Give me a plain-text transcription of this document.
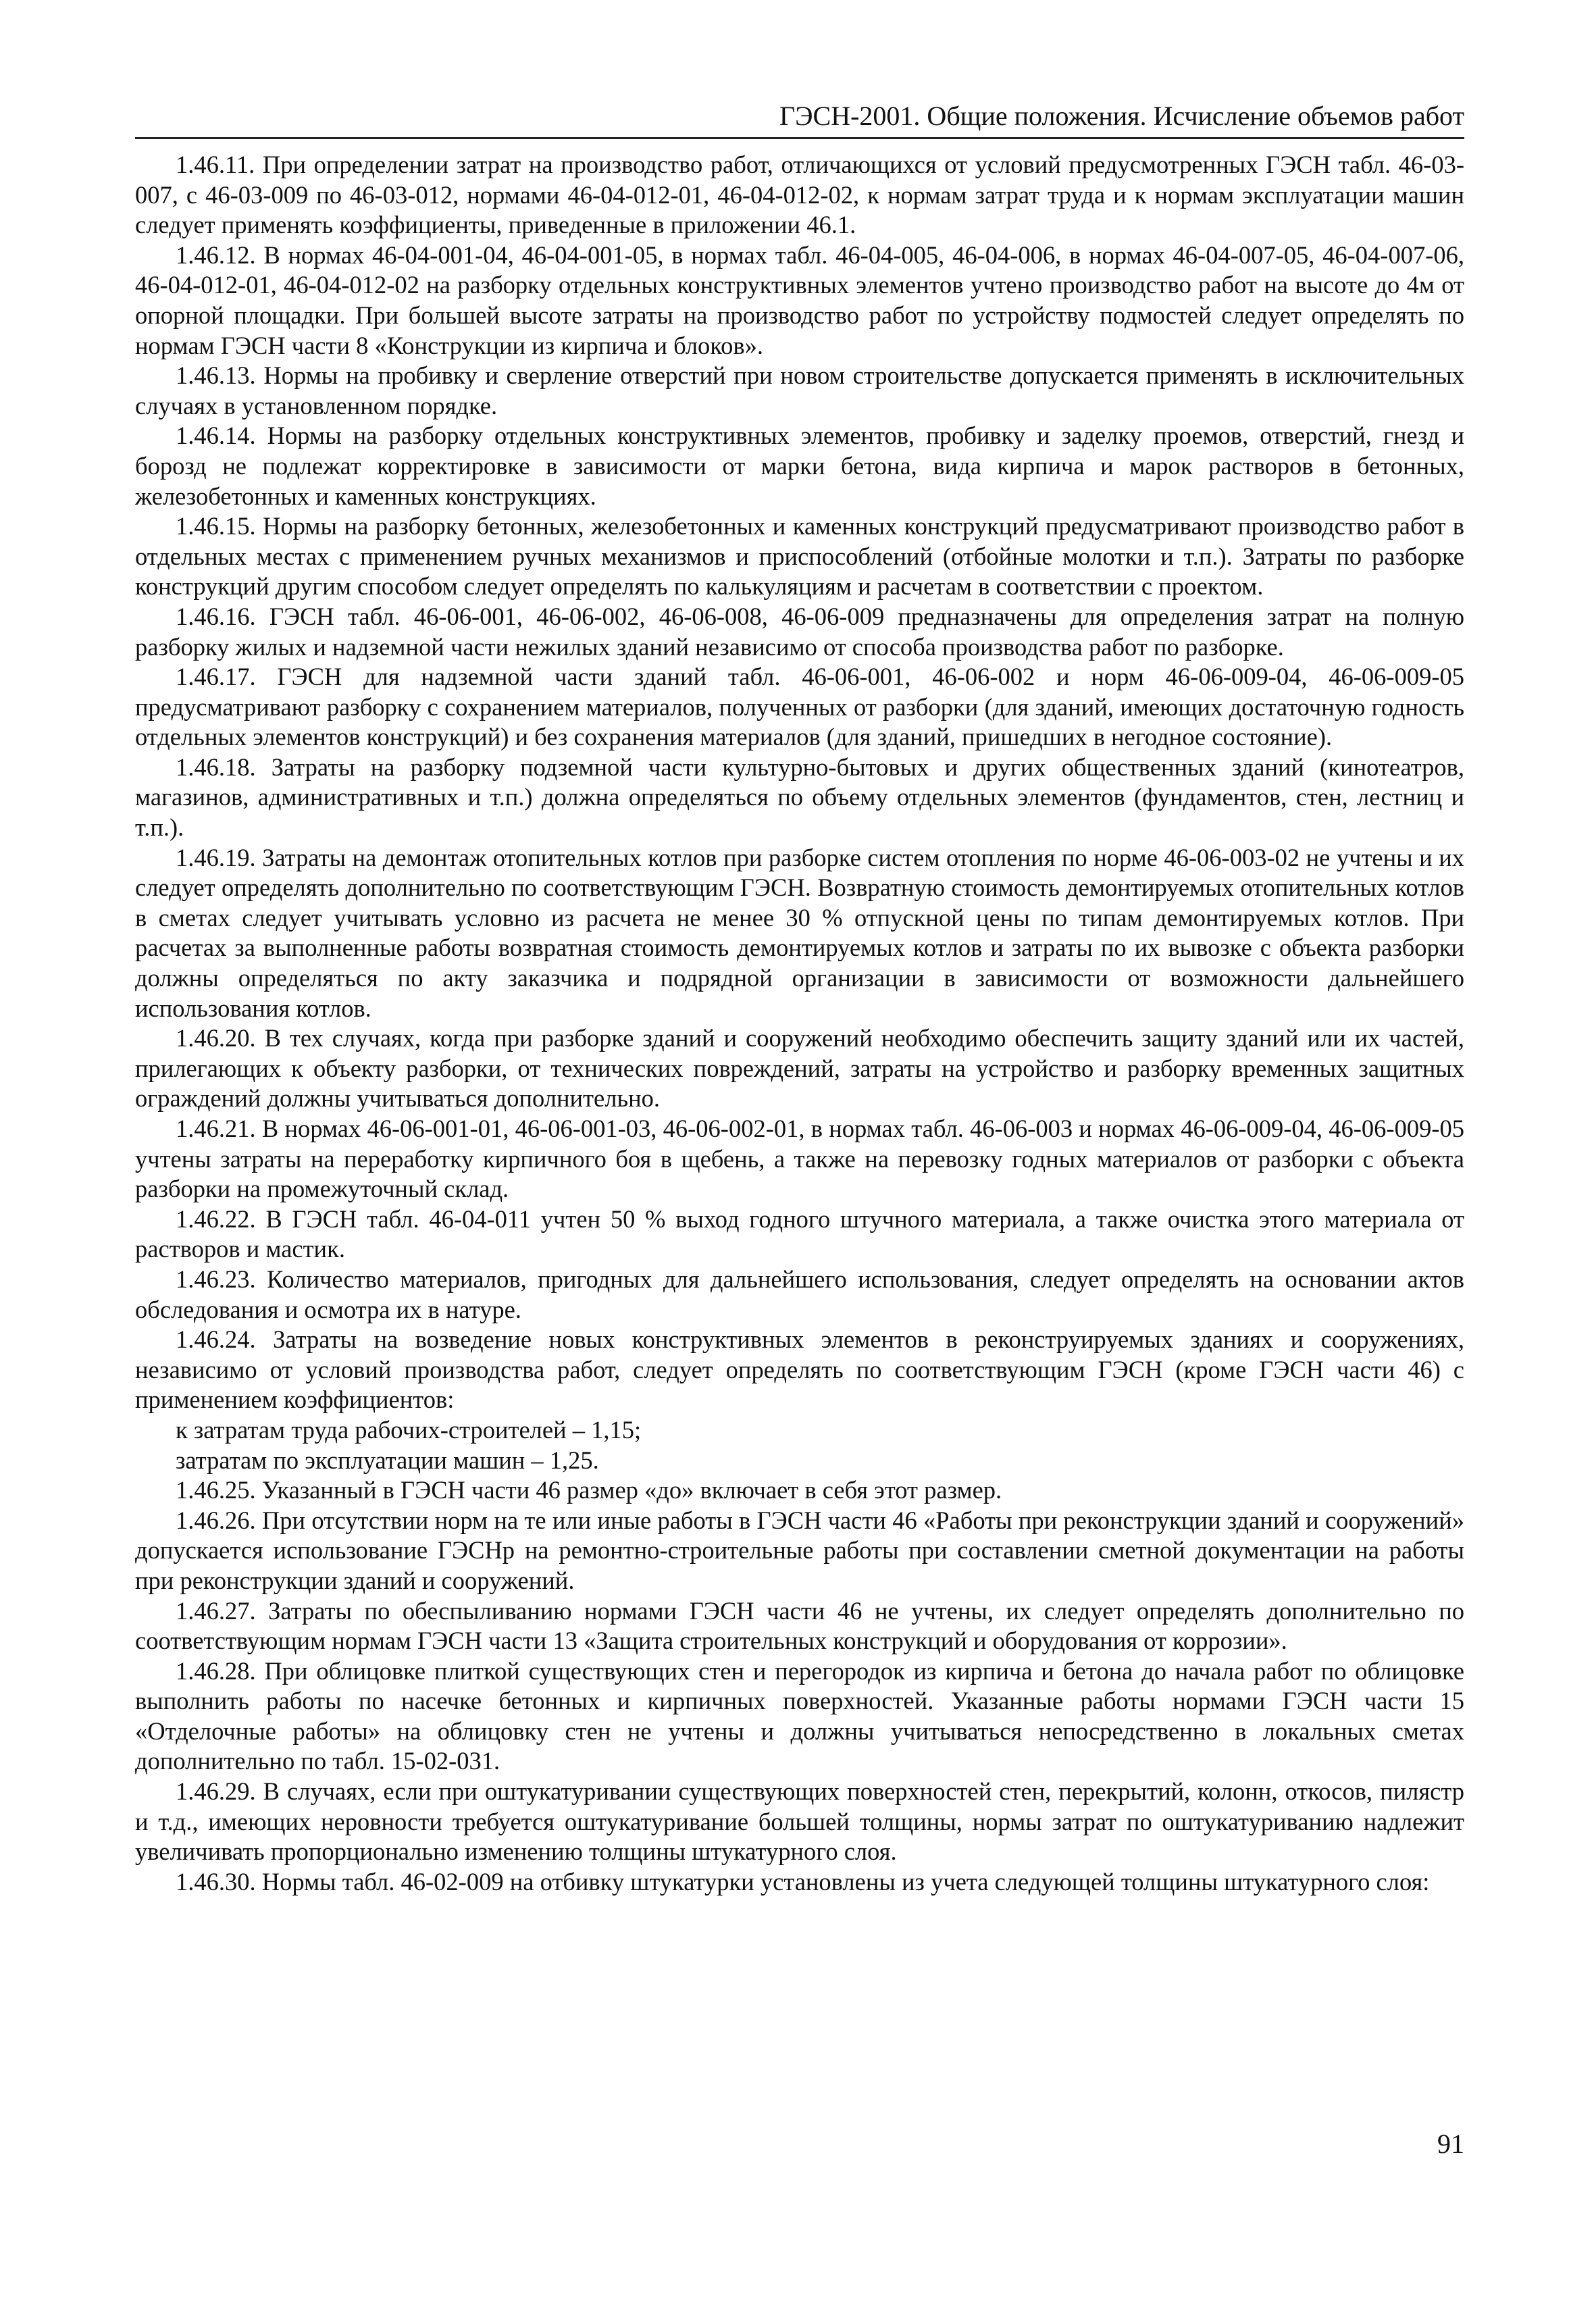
ГЭСН-2001. Общие положения. Исчисление объемов работ

1.46.11. При определении затрат на производство работ, отличающихся от условий предусмотренных ГЭСН табл. 46-03-007, с 46-03-009 по 46-03-012, нормами 46-04-012-01, 46-04-012-02, к нормам затрат труда и к нормам эксплуатации машин следует применять коэффициенты, приведенные в приложении 46.1.

1.46.12. В нормах 46-04-001-04, 46-04-001-05, в нормах табл. 46-04-005, 46-04-006, в нормах 46-04-007-05, 46-04-007-06, 46-04-012-01, 46-04-012-02 на разборку отдельных конструктивных элементов учтено производство работ на высоте до 4м от опорной площадки. При большей высоте затраты на производство работ по устройству подмостей следует определять по нормам ГЭСН части 8 «Конструкции из кирпича и блоков».

1.46.13. Нормы на пробивку и сверление отверстий при новом строительстве допускается применять в исключительных случаях в установленном порядке.

1.46.14. Нормы на разборку отдельных конструктивных элементов, пробивку и заделку проемов, отверстий, гнезд и борозд не подлежат корректировке в зависимости от марки бетона, вида кирпича и марок растворов в бетонных, железобетонных и каменных конструкциях.

1.46.15. Нормы на разборку бетонных, железобетонных и каменных конструкций предусматривают производство работ в отдельных местах с применением ручных механизмов и приспособлений (отбойные молотки и т.п.). Затраты по разборке конструкций другим способом следует определять по калькуляциям и расчетам в соответствии с проектом.

1.46.16. ГЭСН табл. 46-06-001, 46-06-002, 46-06-008, 46-06-009 предназначены для определения затрат на полную разборку жилых и надземной части нежилых зданий независимо от способа производства работ по разборке.

1.46.17. ГЭСН для надземной части зданий табл. 46-06-001, 46-06-002 и норм 46-06-009-04, 46-06-009-05 предусматривают разборку с сохранением материалов, полученных от разборки (для зданий, имеющих достаточную годность отдельных элементов конструкций) и без сохранения материалов (для зданий, пришедших в негодное состояние).

1.46.18. Затраты на разборку подземной части культурно-бытовых и других общественных зданий (кинотеатров, магазинов, административных и т.п.) должна определяться по объему отдельных элементов (фундаментов, стен, лестниц и т.п.).

1.46.19. Затраты на демонтаж отопительных котлов при разборке систем отопления по норме 46-06-003-02 не учтены и их следует определять дополнительно по соответствующим ГЭСН. Возвратную стоимость демонтируемых отопительных котлов в сметах следует учитывать условно из расчета не менее 30 % отпускной цены по типам демонтируемых котлов. При расчетах за выполненные работы возвратная стоимость демонтируемых котлов и затраты по их вывозке с объекта разборки должны определяться по акту заказчика и подрядной организации в зависимости от возможности дальнейшего использования котлов.

1.46.20. В тех случаях, когда при разборке зданий и сооружений необходимо обеспечить защиту зданий или их частей, прилегающих к объекту разборки, от технических повреждений, затраты на устройство и разборку временных защитных ограждений должны учитываться дополнительно.

1.46.21. В нормах 46-06-001-01, 46-06-001-03, 46-06-002-01, в нормах табл. 46-06-003 и нормах 46-06-009-04, 46-06-009-05 учтены затраты на переработку кирпичного боя в щебень, а также на перевозку годных материалов от разборки с объекта разборки на промежуточный склад.

1.46.22. В ГЭСН табл. 46-04-011 учтен 50 % выход годного штучного материала, а также очистка этого материала от растворов и мастик.

1.46.23. Количество материалов, пригодных для дальнейшего использования, следует определять на основании актов обследования и осмотра их в натуре.

1.46.24. Затраты на возведение новых конструктивных элементов в реконструируемых зданиях и сооружениях, независимо от условий производства работ, следует определять по соответствующим ГЭСН (кроме ГЭСН части 46) с применением коэффициентов:

к затратам труда рабочих-строителей – 1,15;

затратам по эксплуатации машин – 1,25.

1.46.25. Указанный в ГЭСН части 46 размер «до» включает в себя этот размер.

1.46.26. При отсутствии норм на те или иные работы в ГЭСН части 46 «Работы при реконструкции зданий и сооружений» допускается использование ГЭСНр на ремонтно-строительные работы при составлении сметной документации на работы при реконструкции зданий и сооружений.

1.46.27. Затраты по обеспыливанию нормами ГЭСН части 46 не учтены, их следует определять дополнительно по соответствующим нормам ГЭСН части 13 «Защита строительных конструкций и оборудования от коррозии».

1.46.28. При облицовке плиткой существующих стен и перегородок из кирпича и бетона до начала работ по облицовке выполнить работы по насечке бетонных и кирпичных поверхностей. Указанные работы нормами ГЭСН части 15 «Отделочные работы» на облицовку стен не учтены и должны учитываться непосредственно в локальных сметах дополнительно по табл. 15-02-031.

1.46.29. В случаях, если при оштукатуривании существующих поверхностей стен, перекрытий, колонн, откосов, пилястр и т.д., имеющих неровности требуется оштукатуривание большей толщины, нормы затрат по оштукатуриванию надлежит увеличивать пропорционально изменению толщины штукатурного слоя.

1.46.30. Нормы табл. 46-02-009 на отбивку штукатурки установлены из учета следующей толщины штукатурного слоя:

91
